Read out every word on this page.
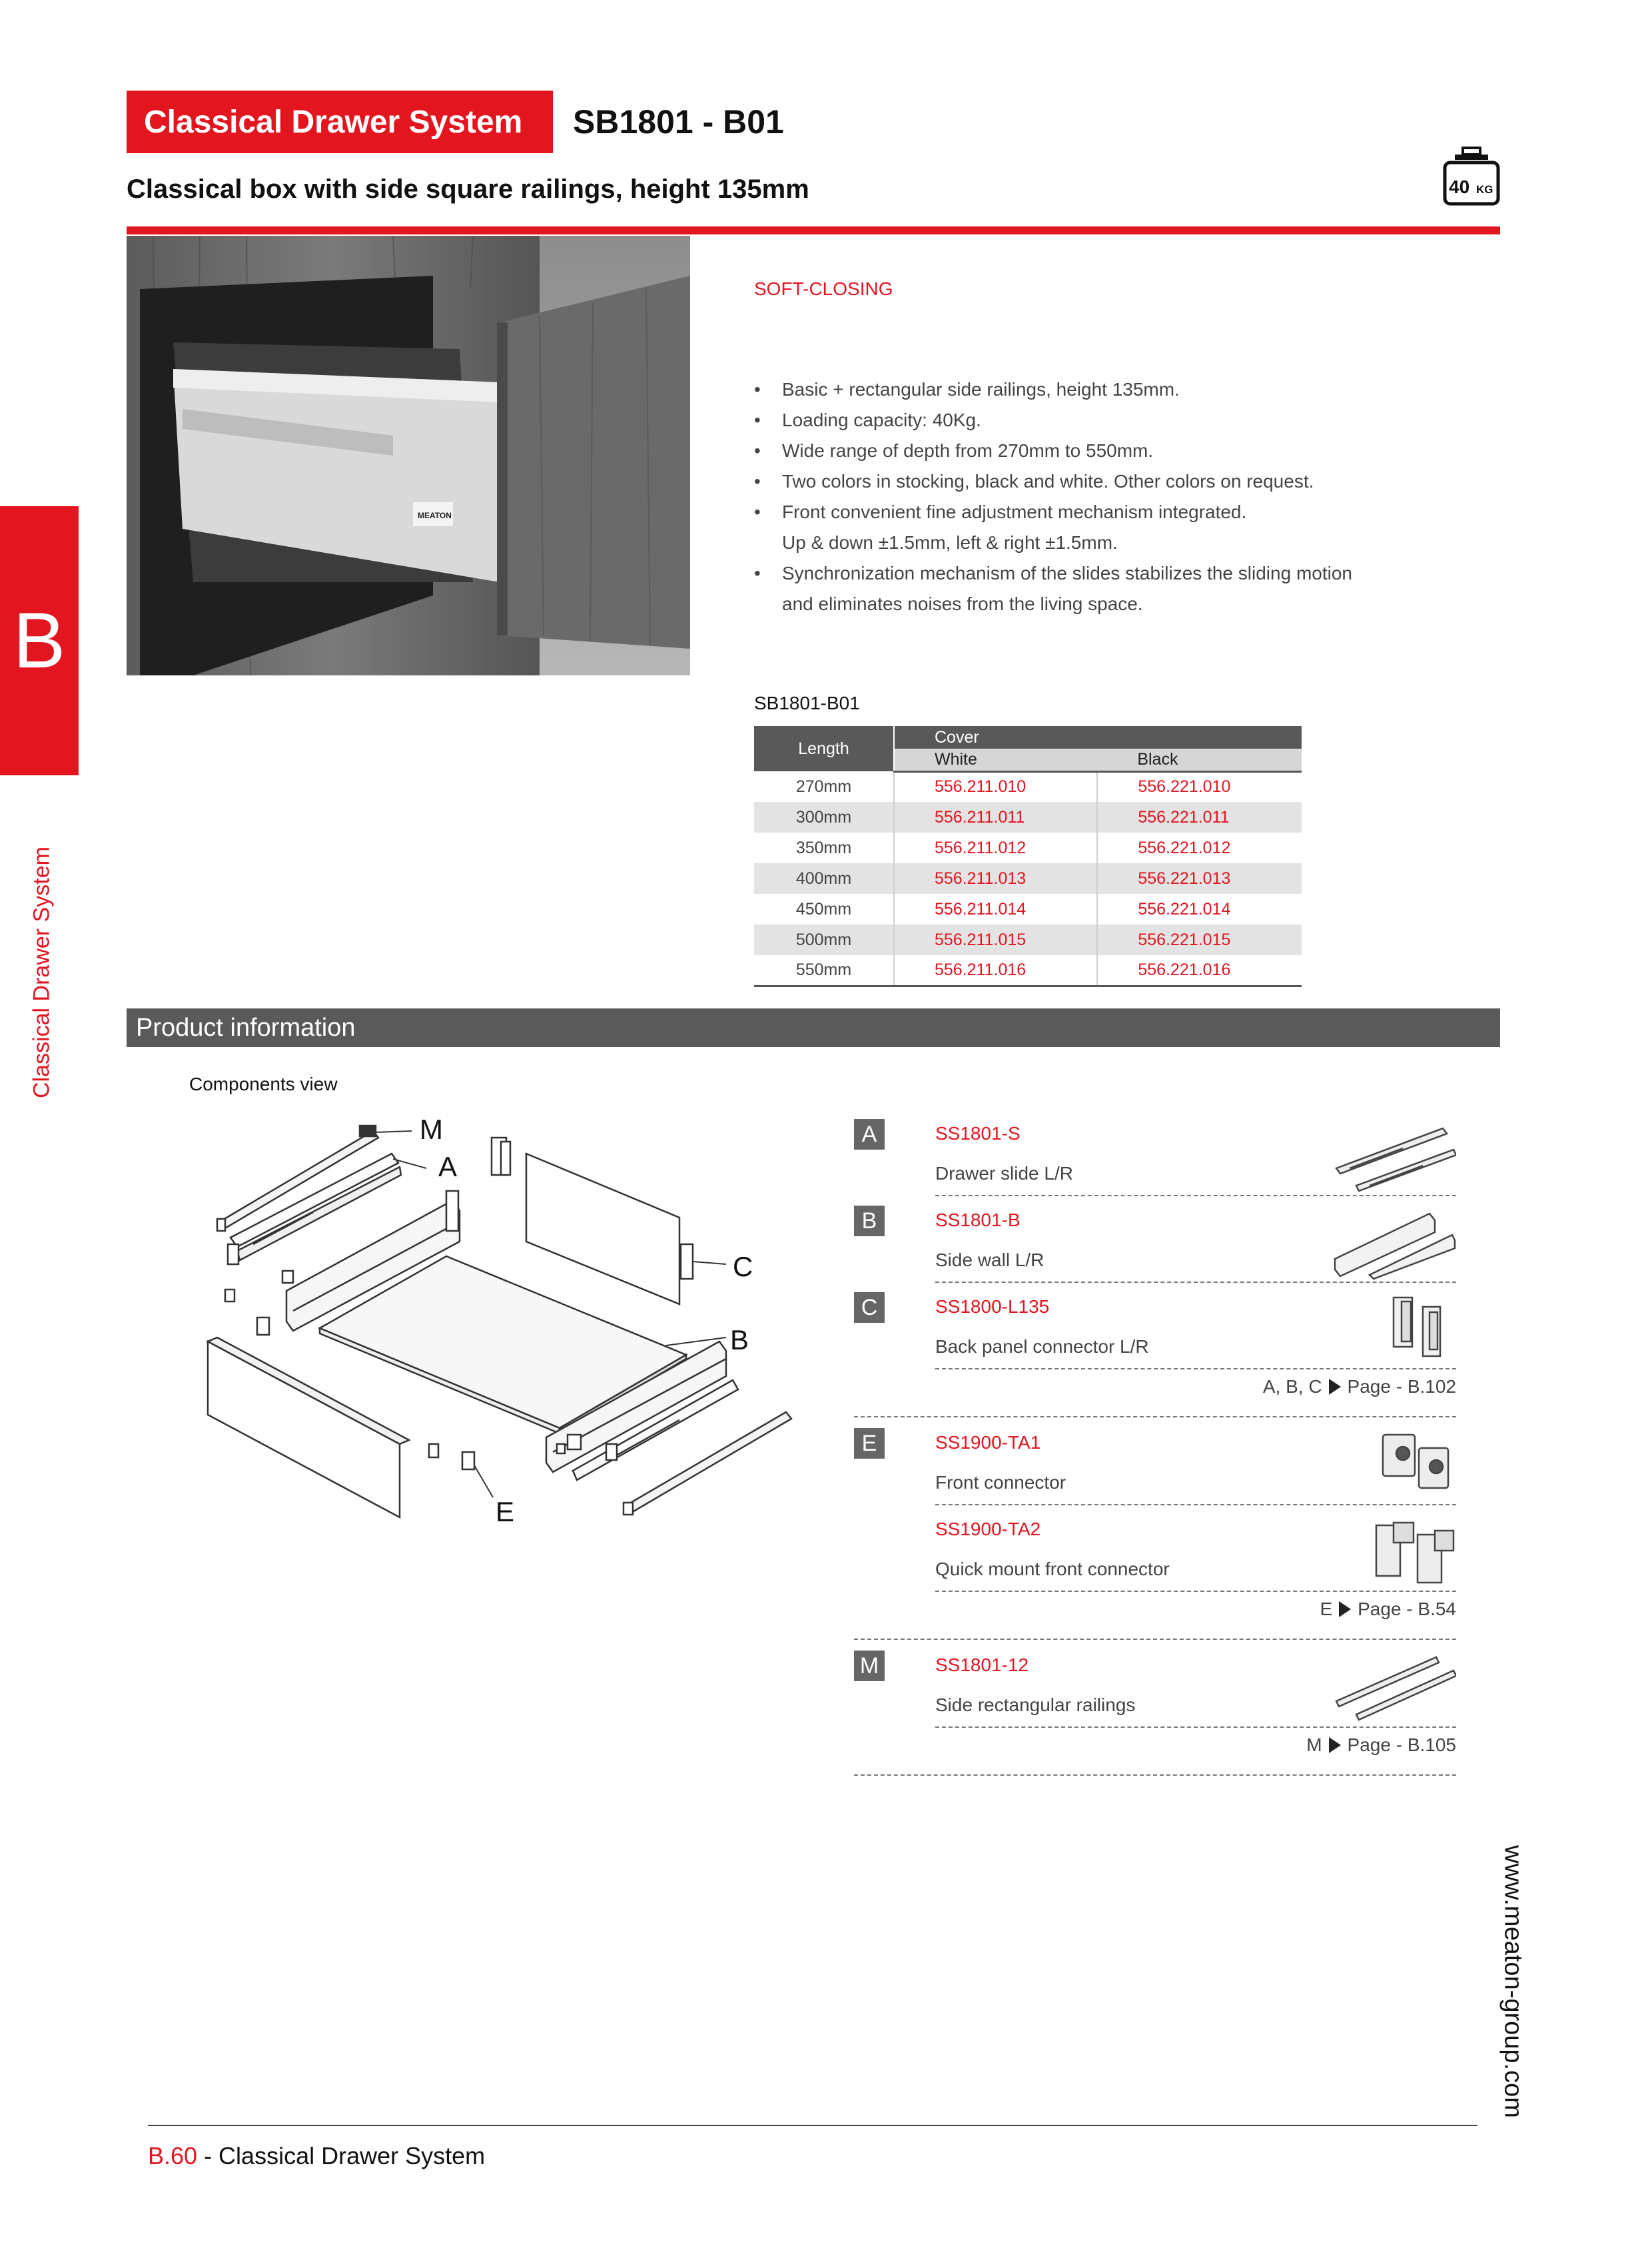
Classical Drawer System	SB1801 - B01
Classical box with side square railings, height 135mm	40 KG
B
Classical Drawer System
MEATON
SOFT-CLOSING
•	Basic + rectangular side railings, height 135mm.
•	Loading capacity: 40Kg.
•	Wide range of depth from 270mm to 550mm.
•	Two colors in stocking, black and white. Other colors on request.
•	Front convenient fine adjustment mechanism integrated.
Up & down ±1.5mm, left & right ±1.5mm.
•	Synchronization mechanism of the slides stabilizes the sliding motion
and eliminates noises from the living space.
SB1801-B01
Length	Cover	
	White	Black
270mm	556.211.010	556.221.010
300mm	556.211.011	556.221.011
350mm	556.211.012	556.221.012
400mm	556.211.013	556.221.013
450mm	556.211.014	556.221.014
500mm	556.211.015	556.221.015
550mm	556.211.016	556.221.016
Product information
Components view
M
A
C
B
E
A	SS1801-S
Drawer slide L/R
B	SS1801-B
Side wall L/R
C	SS1800-L135
Back panel connector L/R
A, B, C Page - B.102
E	SS1900-TA1
Front connector
SS1900-TA2
Quick mount front connector
E Page - B.54
M	SS1801-12
Side rectangular railings
M Page - B.105
www.meaton-group.com
B.60 - Classical Drawer System
